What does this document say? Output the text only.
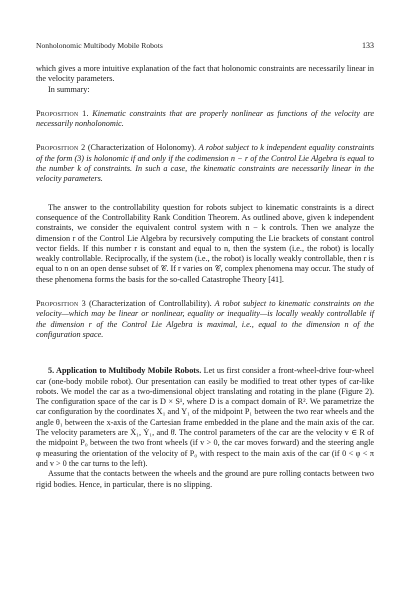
Nonholonomic Multibody Mobile Robots	133

which gives a more intuitive explanation of the fact that holonomic constraints are necessarily linear in the velocity parameters.

In summary:

Proposition 1. Kinematic constraints that are properly nonlinear as functions of the velocity are necessarily nonholonomic.

Proposition 2 (Characterization of Holonomy). A robot subject to k independent equality constraints of the form (3) is holonomic if and only if the codimension n − r of the Control Lie Algebra is equal to the number k of constraints. In such a case, the kinematic constraints are necessarily linear in the velocity parameters.

The answer to the controllability question for robots subject to kinematic constraints is a direct consequence of the Controllability Rank Condition Theorem. As outlined above, given k independent constraints, we consider the equivalent control system with n − k controls. Then we analyze the dimension r of the Control Lie Algebra by recursively computing the Lie brackets of constant control vector fields. If this number r is constant and equal to n, then the system (i.e., the robot) is locally weakly controllable. Reciprocally, if the system (i.e., the robot) is locally weakly controllable, then r is equal to n on an open dense subset of 𝒞. If r varies on 𝒞, complex phenomena may occur. The study of these phenomena forms the basis for the so-called Catastrophe Theory [41].

Proposition 3 (Characterization of Controllability). A robot subject to kinematic constraints on the velocity—which may be linear or nonlinear, equality or inequality—is locally weakly controllable if the dimension r of the Control Lie Algebra is maximal, i.e., equal to the dimension n of the configuration space.

5. Application to Multibody Mobile Robots. Let us first consider a front-wheel-drive four-wheel car (one-body mobile robot). Our presentation can easily be modified to treat other types of car-like robots. We model the car as a two-dimensional object translating and rotating in the plane (Figure 2). The configuration space of the car is D × S¹, where D is a compact domain of R². We parametrize the car configuration by the coordinates X₁ and Y₁ of the midpoint P₁ between the two rear wheels and the angle θ₁ between the x-axis of the Cartesian frame embedded in the plane and the main axis of the car. The velocity parameters are Ẋ₁, Ẏ₁, and θ̇. The control parameters of the car are the velocity v ∈ R of the midpoint P₀ between the two front wheels (if v > 0, the car moves forward) and the steering angle φ measuring the orientation of the velocity of P₀ with respect to the main axis of the car (if 0 < φ < π and v > 0 the car turns to the left).

Assume that the contacts between the wheels and the ground are pure rolling contacts between two rigid bodies. Hence, in particular, there is no slipping.
